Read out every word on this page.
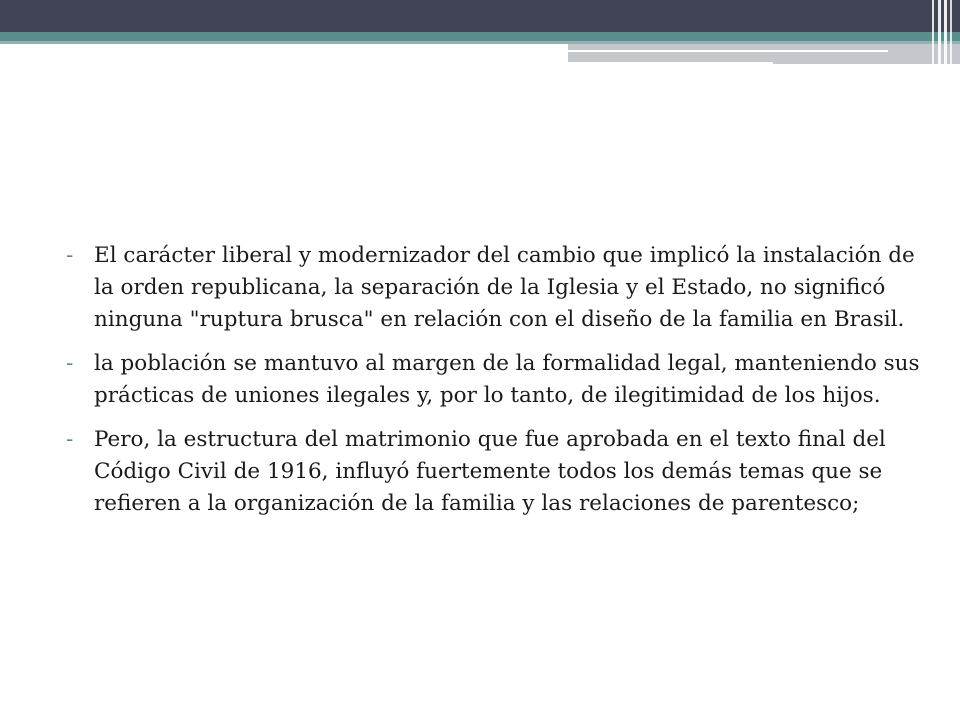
- El carácter liberal y modernizador del cambio que implicó la instalación de la orden republicana, la separación de la Iglesia y el Estado, no significó ninguna "ruptura brusca" en relación con el diseño de la familia en Brasil.

- la población se mantuvo al margen de la formalidad legal, manteniendo sus prácticas de uniones ilegales y, por lo tanto, de ilegitimidad de los hijos.

- Pero, la estructura del matrimonio que fue aprobada en el texto final del Código Civil de 1916, influyó fuertemente todos los demás temas que se refieren a la organización de la familia y las relaciones de parentesco;
